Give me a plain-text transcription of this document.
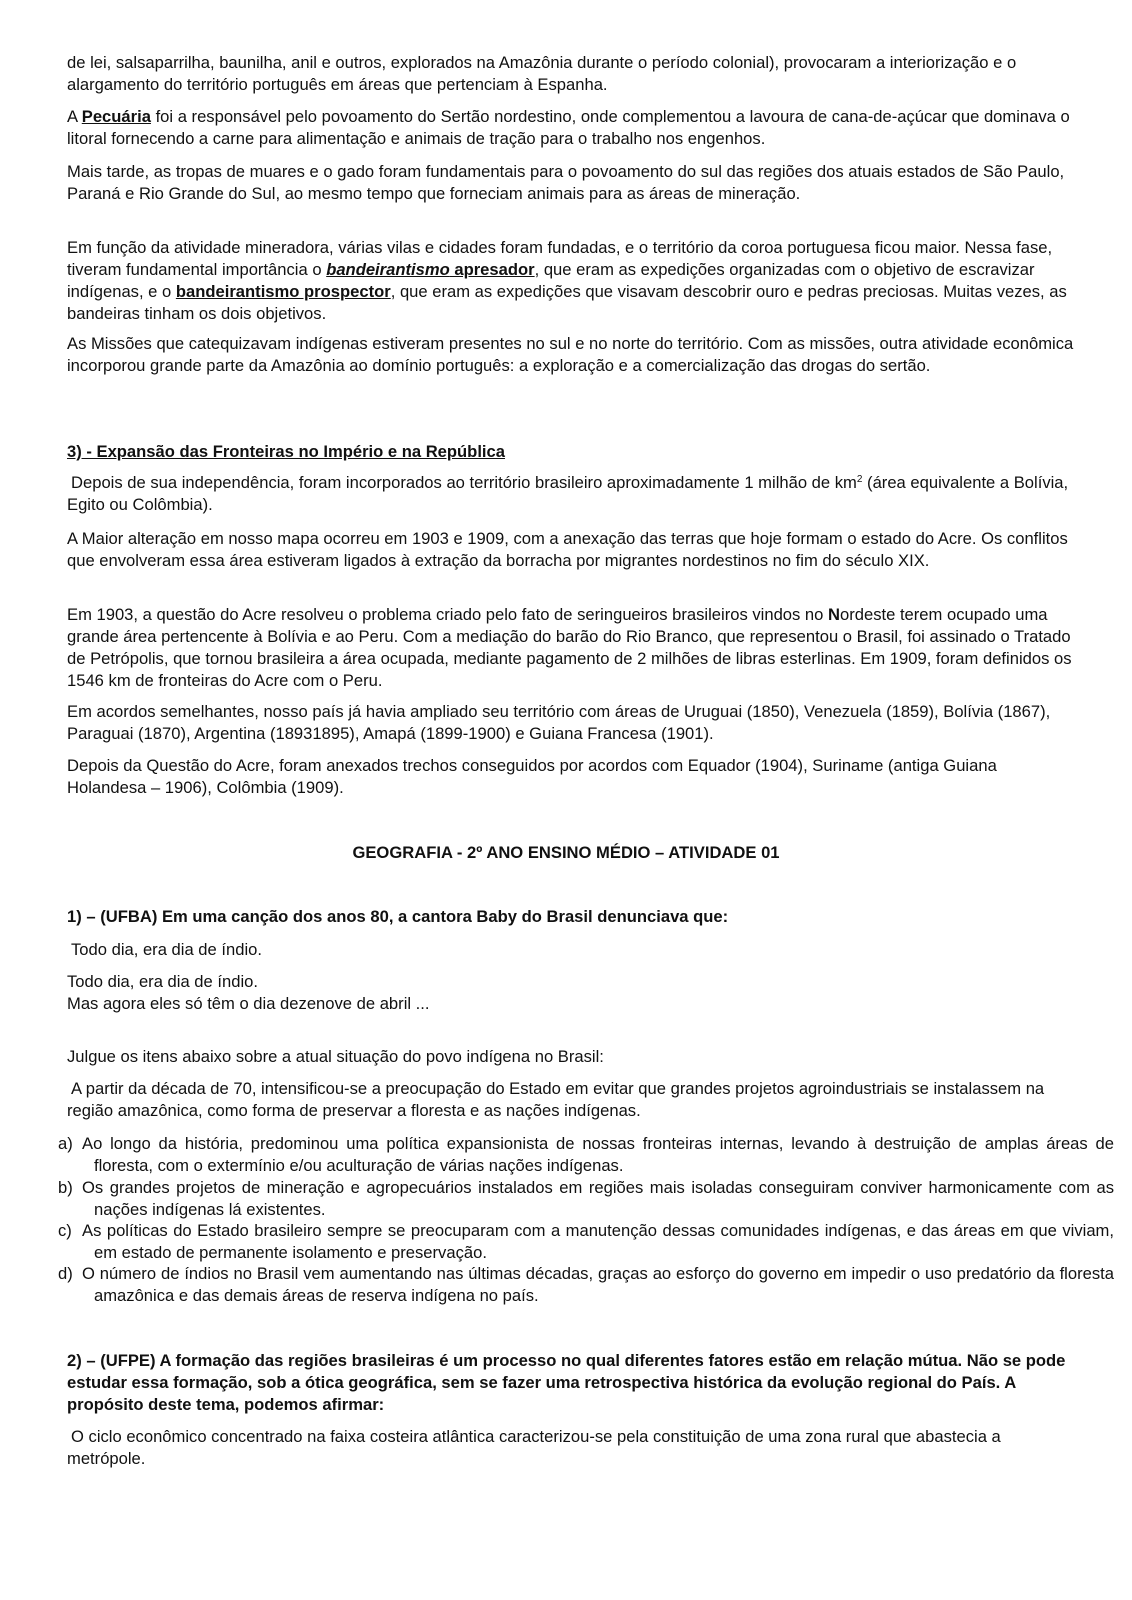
de lei, salsaparrilha, baunilha, anil e outros, explorados na Amazônia durante o período colonial), provocaram a interiorização e o alargamento do território português em áreas que pertenciam à Espanha.

A Pecuária foi a responsável pelo povoamento do Sertão nordestino, onde complementou a lavoura de cana-de-açúcar que dominava o litoral fornecendo a carne para alimentação e animais de tração para o trabalho nos engenhos.

Mais tarde, as tropas de muares e o gado foram fundamentais para o povoamento do sul das regiões dos atuais estados de São Paulo, Paraná e Rio Grande do Sul, ao mesmo tempo que forneciam animais para as áreas de mineração.

Em função da atividade mineradora, várias vilas e cidades foram fundadas, e o território da coroa portuguesa ficou maior. Nessa fase, tiveram fundamental importância o bandeirantismo apresador, que eram as expedições organizadas com o objetivo de escravizar indígenas, e o bandeirantismo prospector, que eram as expedições que visavam descobrir ouro e pedras preciosas. Muitas vezes, as bandeiras tinham os dois objetivos.

As Missões que catequizavam indígenas estiveram presentes no sul e no norte do território. Com as missões, outra atividade econômica incorporou grande parte da Amazônia ao domínio português: a exploração e a comercialização das drogas do sertão.

3) - Expansão das Fronteiras no Império e na República

Depois de sua independência, foram incorporados ao território brasileiro aproximadamente 1 milhão de $km^2$ (área equivalente a Bolívia, Egito ou Colômbia).

A Maior alteração em nosso mapa ocorreu em 1903 e 1909, com a anexação das terras que hoje formam o estado do Acre. Os conflitos que envolveram essa área estiveram ligados à extração da borracha por migrantes nordestinos no fim do século XIX.

Em 1903, a questão do Acre resolveu o problema criado pelo fato de seringueiros brasileiros vindos no Nordeste terem ocupado uma grande área pertencente à Bolívia e ao Peru. Com a mediação do barão do Rio Branco, que representou o Brasil, foi assinado o Tratado de Petrópolis, que tornou brasileira a área ocupada, mediante pagamento de 2 milhões de libras esterlinas. Em 1909, foram definidos os 1546 km de fronteiras do Acre com o Peru.

Em acordos semelhantes, nosso país já havia ampliado seu território com áreas de Uruguai (1850), Venezuela (1859), Bolívia (1867), Paraguai (1870), Argentina (18931895), Amapá (1899-1900) e Guiana Francesa (1901).

Depois da Questão do Acre, foram anexados trechos conseguidos por acordos com Equador (1904), Suriname (antiga Guiana Holandesa – 1906), Colômbia (1909).

GEOGRAFIA - 2º ANO ENSINO MÉDIO – ATIVIDADE 01

1) – (UFBA) Em uma canção dos anos 80, a cantora Baby do Brasil denunciava que:

Todo dia, era dia de índio.

Todo dia, era dia de índio.

Mas agora eles só têm o dia dezenove de abril ...

Julgue os itens abaixo sobre a atual situação do povo indígena no Brasil:

A partir da década de 70, intensificou-se a preocupação do Estado em evitar que grandes projetos agroindustriais se instalassem na região amazônica, como forma de preservar a floresta e as nações indígenas.

a) Ao longo da história, predominou uma política expansionista de nossas fronteiras internas, levando à destruição de amplas áreas de floresta, com o extermínio e/ou aculturação de várias nações indígenas.

b) Os grandes projetos de mineração e agropecuários instalados em regiões mais isoladas conseguiram conviver harmonicamente com as nações indígenas lá existentes.

c) As políticas do Estado brasileiro sempre se preocuparam com a manutenção dessas comunidades indígenas, e das áreas em que viviam, em estado de permanente isolamento e preservação.

d) O número de índios no Brasil vem aumentando nas últimas décadas, graças ao esforço do governo em impedir o uso predatório da floresta amazônica e das demais áreas de reserva indígena no país.

2) – (UFPE) A formação das regiões brasileiras é um processo no qual diferentes fatores estão em relação mútua. Não se pode estudar essa formação, sob a ótica geográfica, sem se fazer uma retrospectiva histórica da evolução regional do País. A propósito deste tema, podemos afirmar:

O ciclo econômico concentrado na faixa costeira atlântica caracterizou-se pela constituição de uma zona rural que abastecia a metrópole.
